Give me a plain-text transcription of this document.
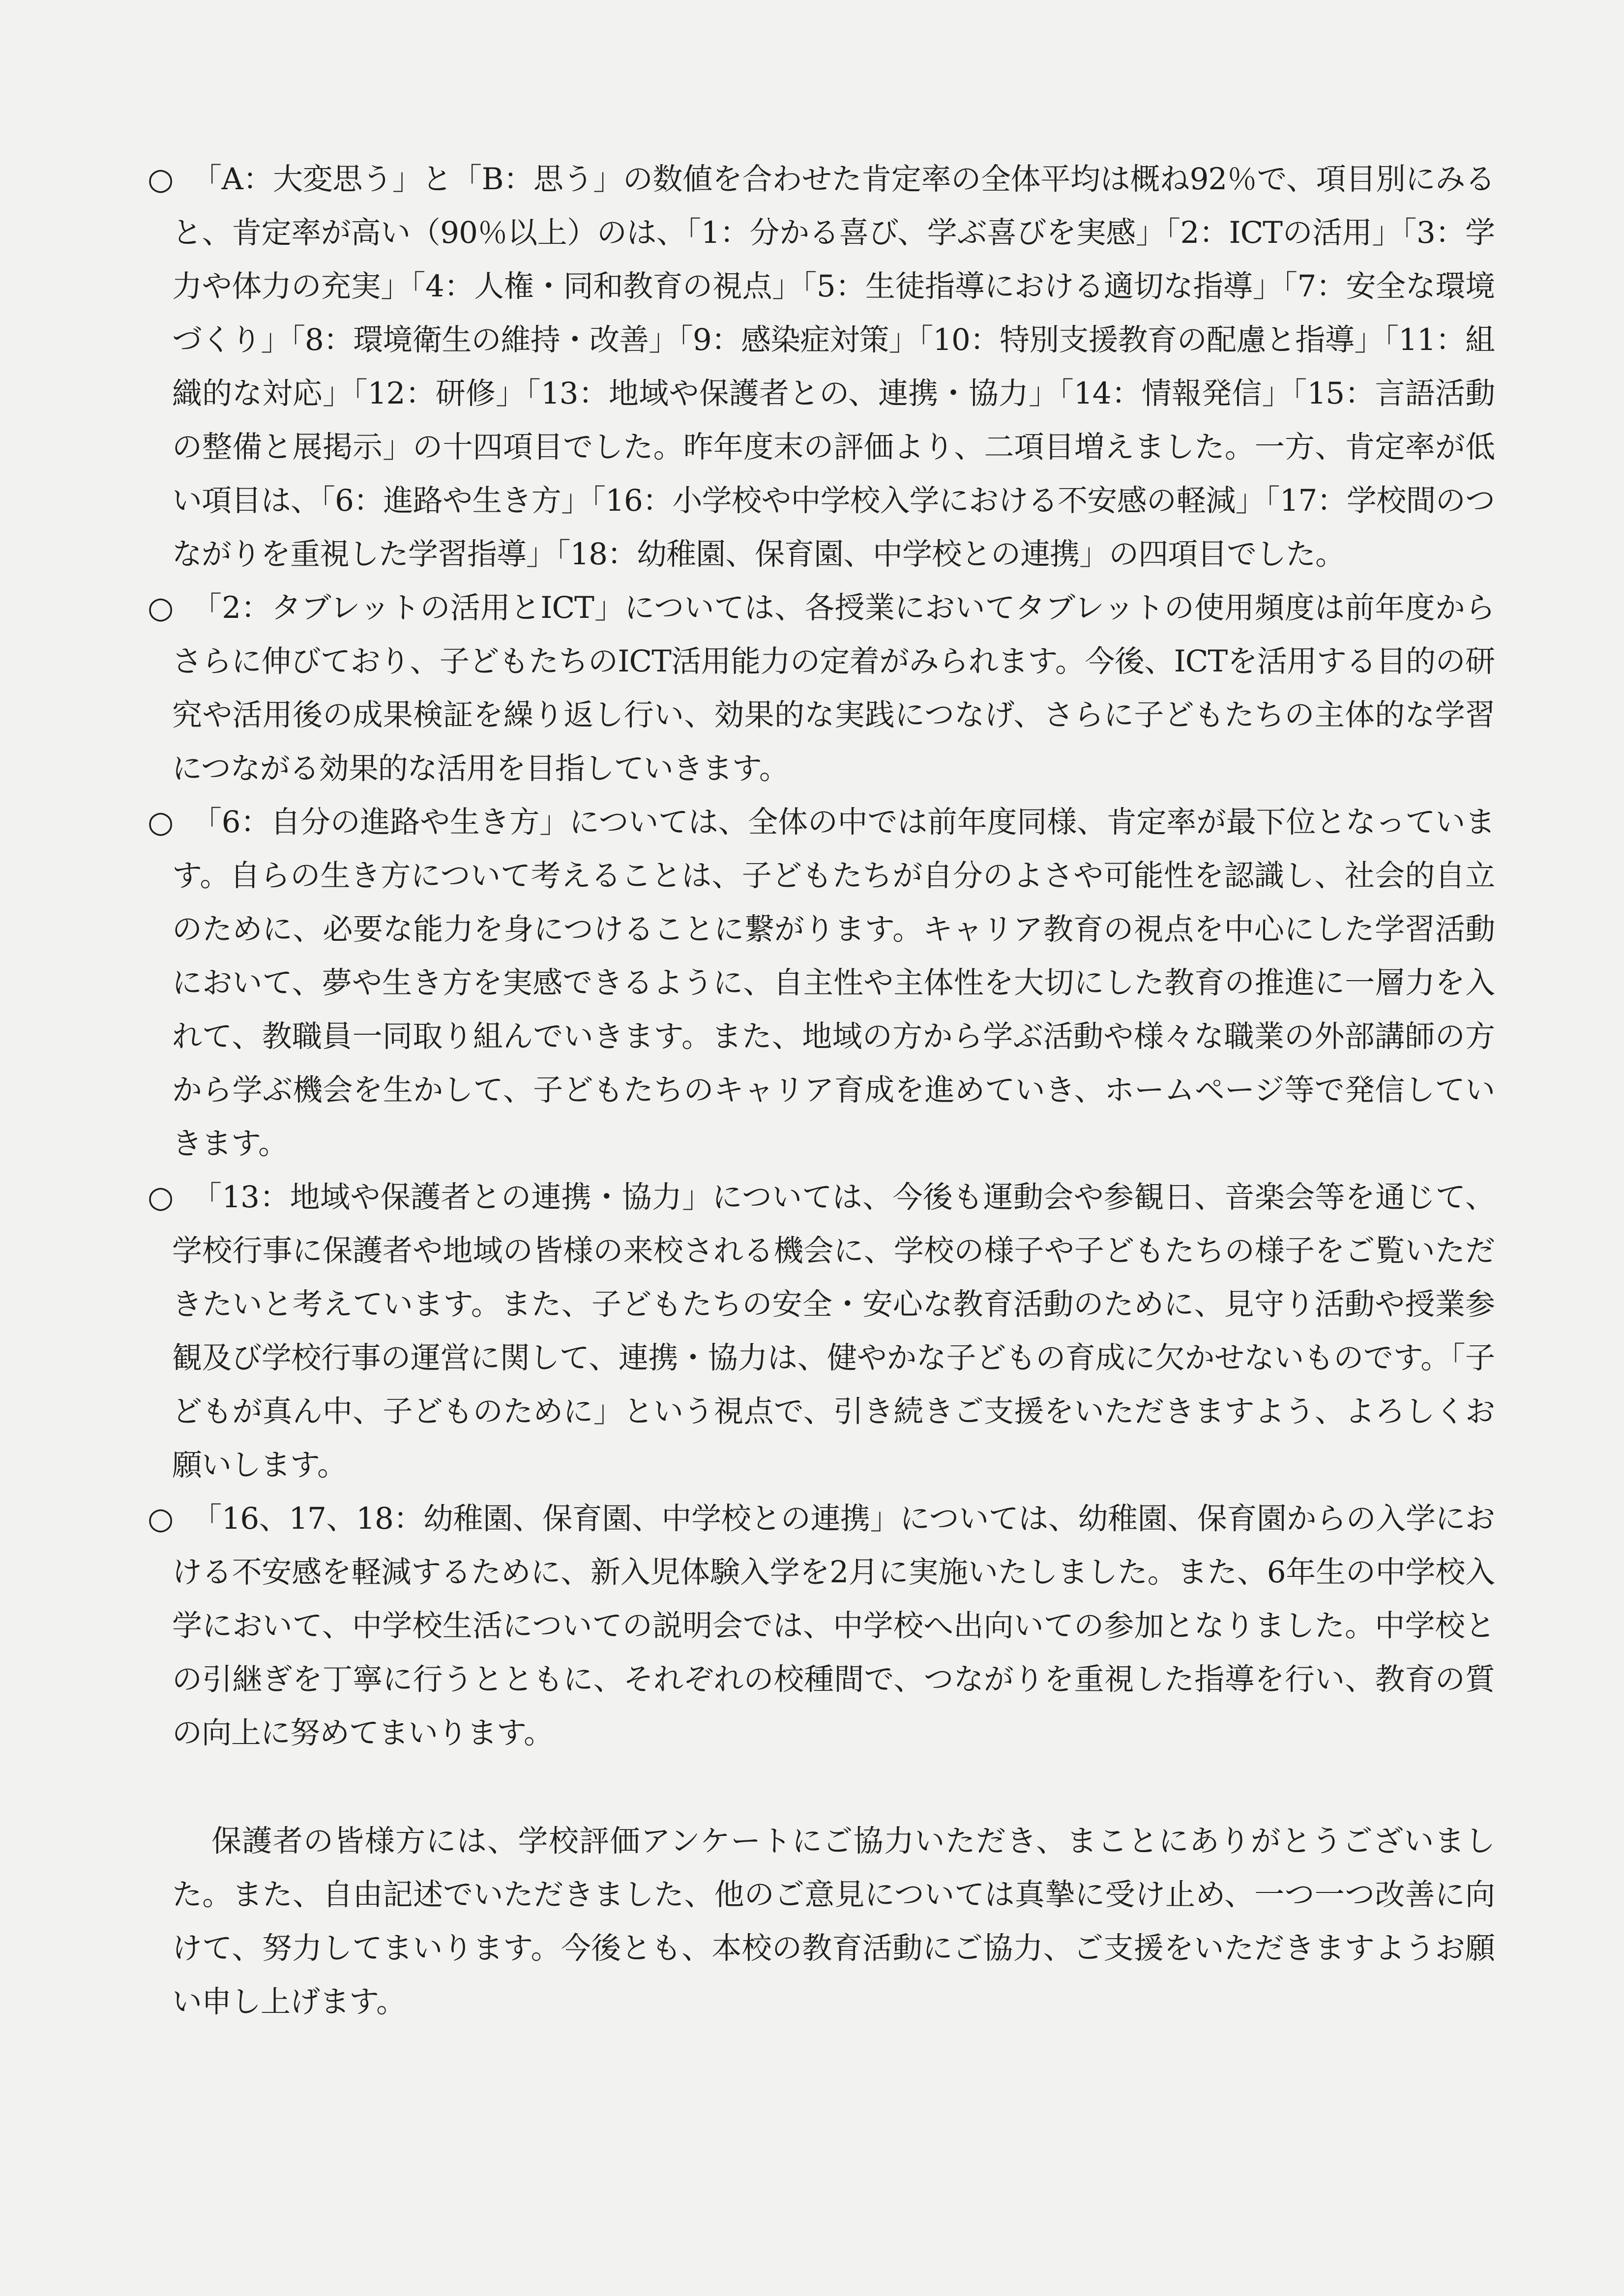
○ 「A：大変思う」と「B：思う」の数値を合わせた肯定率の全体平均は概ね92％で、項目別にみると、肯定率が高い（90％以上）のは、「1：分かる喜び、学ぶ喜びを実感」「2：ICTの活用」「3：学力や体力の充実」「4：人権・同和教育の視点」「5：生徒指導における適切な指導」「7：安全な環境づくり」「8：環境衛生の維持・改善」「9：感染症対策」「10：特別支援教育の配慮と指導」「11：組織的な対応」「12：研修」「13：地域や保護者との、連携・協力」「14：情報発信」「15：言語活動の整備と展掲示」の十四項目でした。昨年度末の評価より、二項目増えました。一方、肯定率が低い項目は、「6：進路や生き方」「16：小学校や中学校入学における不安感の軽減」「17：学校間のつながりを重視した学習指導」「18：幼稚園、保育園、中学校との連携」の四項目でした。
○ 「2：タブレットの活用とICT」については、各授業においてタブレットの使用頻度は前年度からさらに伸びており、子どもたちのICT活用能力の定着がみられます。今後、ICTを活用する目的の研究や活用後の成果検証を繰り返し行い、効果的な実践につなげ、さらに子どもたちの主体的な学習につながる効果的な活用を目指していきます。
○ 「6：自分の進路や生き方」については、全体の中では前年度同様、肯定率が最下位となっています。自らの生き方について考えることは、子どもたちが自分のよさや可能性を認識し、社会的自立のために、必要な能力を身につけることに繋がります。キャリア教育の視点を中心にした学習活動において、夢や生き方を実感できるように、自主性や主体性を大切にした教育の推進に一層力を入れて、教職員一同取り組んでいきます。また、地域の方から学ぶ活動や様々な職業の外部講師の方から学ぶ機会を生かして、子どもたちのキャリア育成を進めていき、ホームページ等で発信していきます。
○ 「13：地域や保護者との連携・協力」については、今後も運動会や参観日、音楽会等を通じて、学校行事に保護者や地域の皆様の来校される機会に、学校の様子や子どもたちの様子をご覧いただきたいと考えています。また、子どもたちの安全・安心な教育活動のために、見守り活動や授業参観及び学校行事の運営に関して、連携・協力は、健やかな子どもの育成に欠かせないものです。「子どもが真ん中、子どものために」という視点で、引き続きご支援をいただきますよう、よろしくお願いします。
○ 「16、17、18：幼稚園、保育園、中学校との連携」については、幼稚園、保育園からの入学における不安感を軽減するために、新入児体験入学を2月に実施いたしました。また、6年生の中学校入学において、中学校生活についての説明会では、中学校へ出向いての参加となりました。中学校との引継ぎを丁寧に行うとともに、それぞれの校種間で、つながりを重視した指導を行い、教育の質の向上に努めてまいります。

保護者の皆様方には、学校評価アンケートにご協力いただき、まことにありがとうございました。また、自由記述でいただきました、他のご意見については真摯に受け止め、一つ一つ改善に向けて、努力してまいります。今後とも、本校の教育活動にご協力、ご支援をいただきますようお願い申し上げます。
